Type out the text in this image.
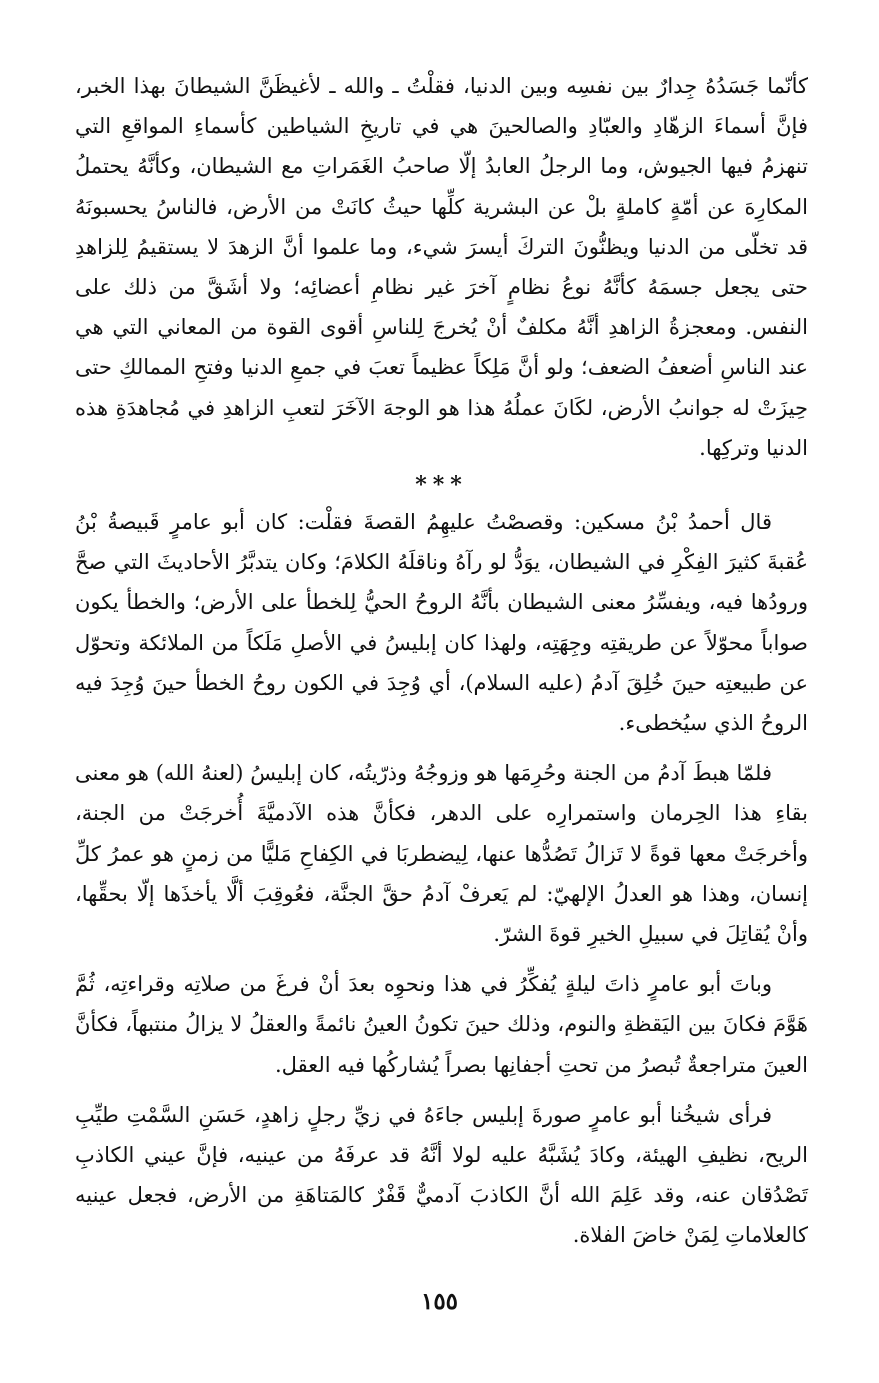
كأنّما جَسَدُهُ جِدارٌ بين نفسِه وبين الدنيا، فقلْتُ ـ والله ـ لأغيظَنَّ الشيطانَ بهذا الخبر، فإنَّ أسماءَ الزهّادِ والعبّادِ والصالحينَ هي في تاريخِ الشياطين كأسماءِ المواقعِ التي تنهزمُ فيها الجيوش، وما الرجلُ العابدُ إلّا صاحبُ الغَمَراتِ مع الشيطان، وكأنَّهُ يحتملُ المكارِهَ عن أمّةٍ كاملةٍ بلْ عن البشرية كلِّها حيثُ كانَتْ من الأرض، فالناسُ يحسبونَهُ قد تخلّى من الدنيا ويظنُّونَ التركَ أيسرَ شيء، وما علموا أنَّ الزهدَ لا يستقيمُ لِلزاهدِ حتى يجعل جسمَهُ كأنَّهُ نوعُ نظامٍ آخرَ غير نظامِ أعضائِه؛ ولا أشَقَّ من ذلك على النفس. ومعجزةُ الزاهدِ أنَّهُ مكلفٌ أنْ يُخرجَ لِلناسِ أقوى القوة من المعاني التي هي عند الناسِ أضعفُ الضعف؛ ولو أنَّ مَلِكاً عظيماً تعبَ في جمعِ الدنيا وفتحِ الممالكِ حتى حِيزَتْ له جوانبُ الأرض، لكَانَ عملُهُ هذا هو الوجهَ الآخَرَ لتعبِ الزاهدِ في مُجاهدَةِ هذه الدنيا وتركِها.

***

قال أحمدُ بْنُ مسكين: وقصصْتُ عليهِمُ القصةَ فقلْت: كان أبو عامرٍ قَبيصةُ بْنُ عُقبةَ كثيرَ الفِكْرِ في الشيطان، يوَدُّ لو رآهُ وناقلَهُ الكلامَ؛ وكان يتدبَّرُ الأحاديثَ التي صحَّ ورودُها فيه، ويفسِّرُ معنى الشيطان بأنَّهُ الروحُ الحيُّ لِلخطأ على الأرض؛ والخطأ يكون صواباً محوّلاً عن طريقتِه وجِهَتِه، ولهذا كان إبليسُ في الأصلِ مَلَكاً من الملائكة وتحوّل عن طبيعتِه حينَ خُلِقَ آدمُ (عليه السلام)، أي وُجِدَ في الكون روحُ الخطأ حينَ وُجِدَ فيه الروحُ الذي سيُخطىء.

فلمّا هبطَ آدمُ من الجنة وحُرِمَها هو وزوجُهُ وذرّيتُه، كان إبليسُ (لعنهُ الله) هو معنى بقاءِ هذا الحِرمان واستمرارِه على الدهر، فكأنَّ هذه الآدميَّةَ أُخرجَتْ من الجنة، وأخرجَتْ معها قوةً لا تَزالُ تَصُدُّها عنها، لِيضطربَا في الكِفاحِ مَليًّا من زمنٍ هو عمرُ كلِّ إنسان، وهذا هو العدلُ الإلهيّ: لم يَعرفْ آدمُ حقَّ الجنَّة، فعُوقِبَ ألَّا يأخذَها إلّا بحقِّها، وأنْ يُقاتِلَ في سبيلِ الخيرِ قوةَ الشرّ.

وباتَ أبو عامرٍ ذاتَ ليلةٍ يُفكِّرُ في هذا ونحوِه بعدَ أنْ فرغَ من صلاتِه وقراءتِه، ثُمَّ هَوَّمَ فكانَ بين اليَقظةِ والنوم، وذلك حينَ تكونُ العينُ نائمةً والعقلُ لا يزالُ منتبهاً، فكأنَّ العينَ متراجعةٌ تُبصرُ من تحتِ أجفانِها بصراً يُشاركُها فيه العقل.

فرأى شيخُنا أبو عامرٍ صورةَ إبليس جاءَهُ في زيِّ رجلٍ زاهدٍ، حَسَنِ السَّمْتِ طيِّبِ الريح، نظيفِ الهيئة، وكادَ يُشَبَّهُ عليه لولا أنَّهُ قد عرفَهُ من عينيه، فإنَّ عيني الكاذبِ تَصْدُقان عنه، وقد عَلِمَ الله أنَّ الكاذبَ آدميٌّ قَفْرٌ كالمَتاهَةِ من الأرض، فجعل عينيه كالعلاماتِ لِمَنْ خاضَ الفلاة.

١٥٥
